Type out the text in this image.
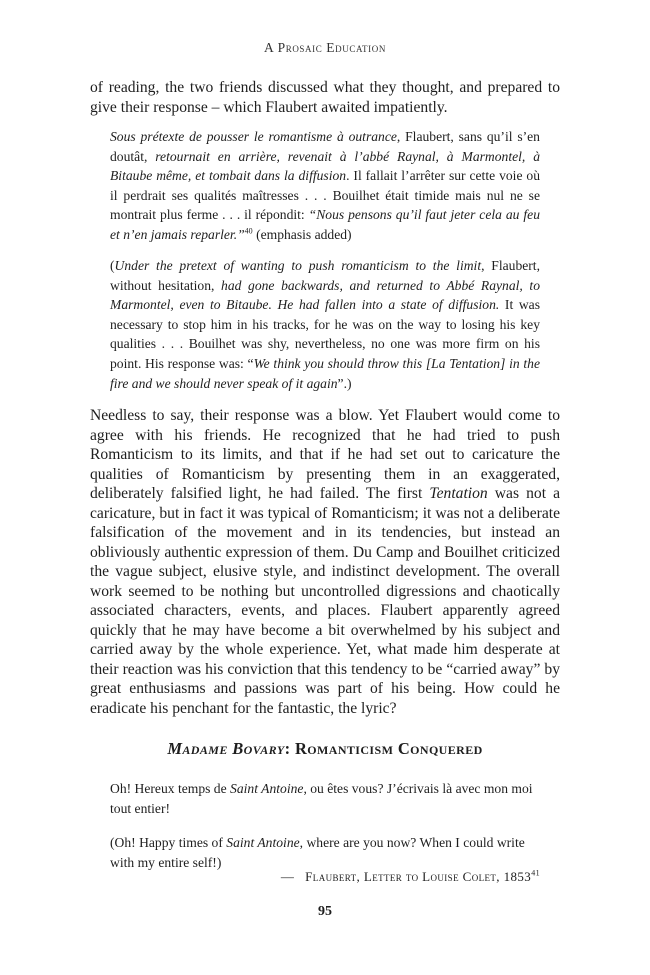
A Prosaic Education
of reading, the two friends discussed what they thought, and prepared to give their response – which Flaubert awaited impatiently.
Sous prétexte de pousser le romantisme à outrance, Flaubert, sans qu’il s’en doutât, retournait en arrière, revenait à l’abbé Raynal, à Marmontel, à Bitaube même, et tombait dans la diffusion. Il fallait l’arrêter sur cette voie où il perdrait ses qualités maîtresses . . . Bouilhet était timide mais nul ne se montrait plus ferme . . . il répondit: “Nous pensons qu’il faut jeter cela au feu et n’en jamais reparler.”$^{40}$ (emphasis added)
(Under the pretext of wanting to push romanticism to the limit, Flaubert, without hesitation, had gone backwards, and returned to Abbé Raynal, to Marmontel, even to Bitaube. He had fallen into a state of diffusion. It was necessary to stop him in his tracks, for he was on the way to losing his key qualities . . . Bouilhet was shy, nevertheless, no one was more firm on his point. His response was: “We think you should throw this [La Tentation] in the fire and we should never speak of it again”.)
Needless to say, their response was a blow. Yet Flaubert would come to agree with his friends. He recognized that he had tried to push Romanticism to its limits, and that if he had set out to caricature the qualities of Romanticism by presenting them in an exaggerated, deliberately falsified light, he had failed. The first Tentation was not a caricature, but in fact it was typical of Romanticism; it was not a deliberate falsification of the movement and in its tendencies, but instead an obliviously authentic expression of them. Du Camp and Bouilhet criticized the vague subject, elusive style, and indistinct development. The overall work seemed to be nothing but uncontrolled digressions and chaotically associated characters, events, and places. Flaubert apparently agreed quickly that he may have become a bit overwhelmed by his subject and carried away by the whole experience. Yet, what made him desperate at their reaction was his conviction that this tendency to be “carried away” by great enthusiasms and passions was part of his being. How could he eradicate his penchant for the fantastic, the lyric?
Madame Bovary: Romanticism Conquered
Oh! Hereux temps de Saint Antoine, ou êtes vous? J’écrivais là avec mon moi tout entier!
(Oh! Happy times of Saint Antoine, where are you now? When I could write with my entire self!)
— Flaubert, Letter to Louise Colet, 1853$^{41}$
95
